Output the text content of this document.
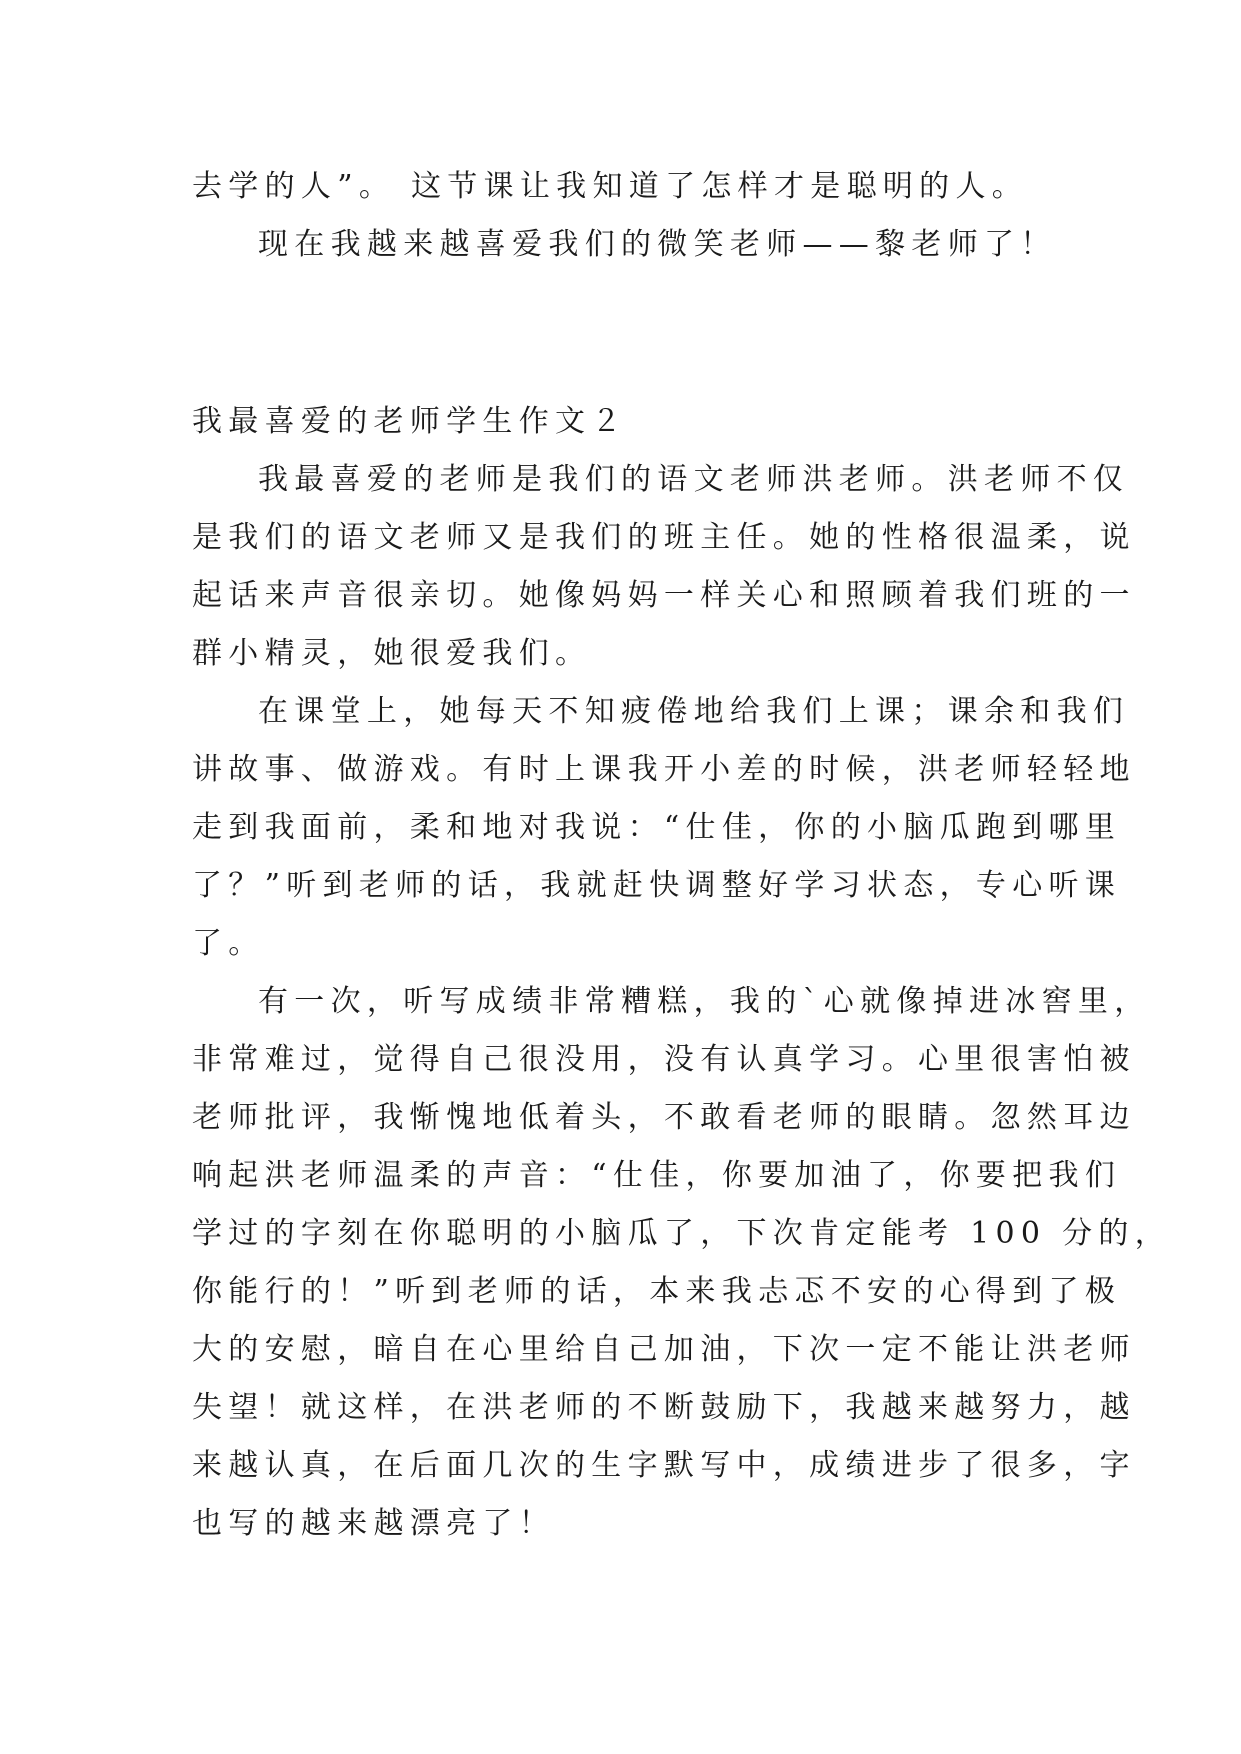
去学的人”。 这节课让我知道了怎样才是聪明的人。
现在我越来越喜爱我们的微笑老师——黎老师了！
我最喜爱的老师学生作文２
我最喜爱的老师是我们的语文老师洪老师。洪老师不仅
是我们的语文老师又是我们的班主任。她的性格很温柔，说
起话来声音很亲切。她像妈妈一样关心和照顾着我们班的一
群小精灵，她很爱我们。
在课堂上，她每天不知疲倦地给我们上课；课余和我们
讲故事、做游戏。有时上课我开小差的时候，洪老师轻轻地
走到我面前，柔和地对我说：“仕佳，你的小脑瓜跑到哪里
了？”听到老师的话，我就赶快调整好学习状态，专心听课
了。
有一次，听写成绩非常糟糕，我的`心就像掉进冰窖里，
非常难过，觉得自己很没用，没有认真学习。心里很害怕被
老师批评，我惭愧地低着头，不敢看老师的眼睛。忽然耳边
响起洪老师温柔的声音：“仕佳，你要加油了，你要把我们
学过的字刻在你聪明的小脑瓜了，下次肯定能考 100 分的，
你能行的！”听到老师的话，本来我忐忑不安的心得到了极
大的安慰，暗自在心里给自己加油，下次一定不能让洪老师
失望！就这样，在洪老师的不断鼓励下，我越来越努力，越
来越认真，在后面几次的生字默写中，成绩进步了很多，字
也写的越来越漂亮了！
